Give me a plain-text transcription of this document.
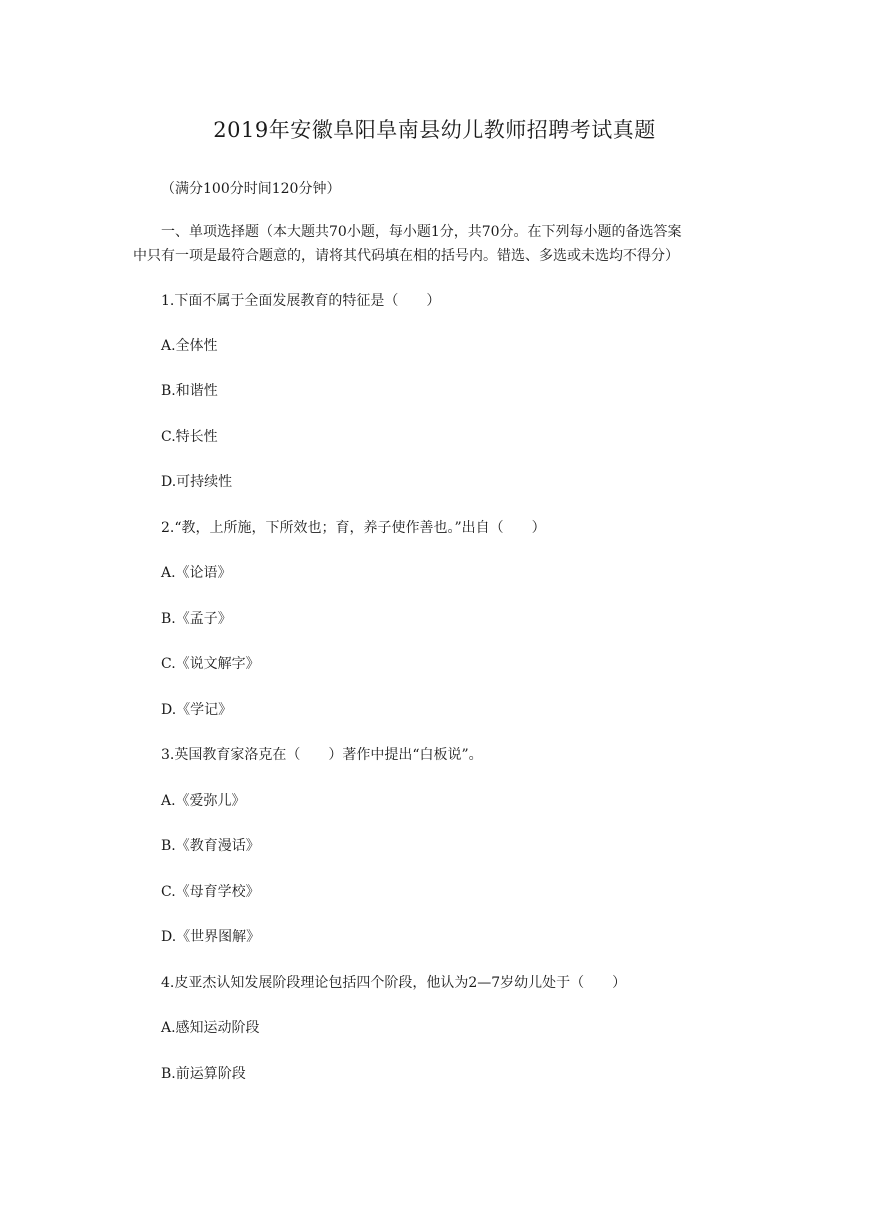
2019年安徽阜阳阜南县幼儿教师招聘考试真题

（满分100分时间120分钟）

一、单项选择题（本大题共70小题，每小题1分，共70分。在下列每小题的备选答案

中只有一项是最符合题意的，请将其代码填在相的括号内。错选、多选或未选均不得分）

1.下面不属于全面发展教育的特征是（　　）

A.全体性

B.和谐性

C.特长性

D.可持续性

2.“教，上所施，下所效也；育，养子使作善也。”出自（　　）

A.《论语》

B.《孟子》

C.《说文解字》

D.《学记》

3.英国教育家洛克在（　　）著作中提出“白板说”。

A.《爱弥儿》

B.《教育漫话》

C.《母育学校》

D.《世界图解》

4.皮亚杰认知发展阶段理论包括四个阶段，他认为2—7岁幼儿处于（　　）

A.感知运动阶段

B.前运算阶段
